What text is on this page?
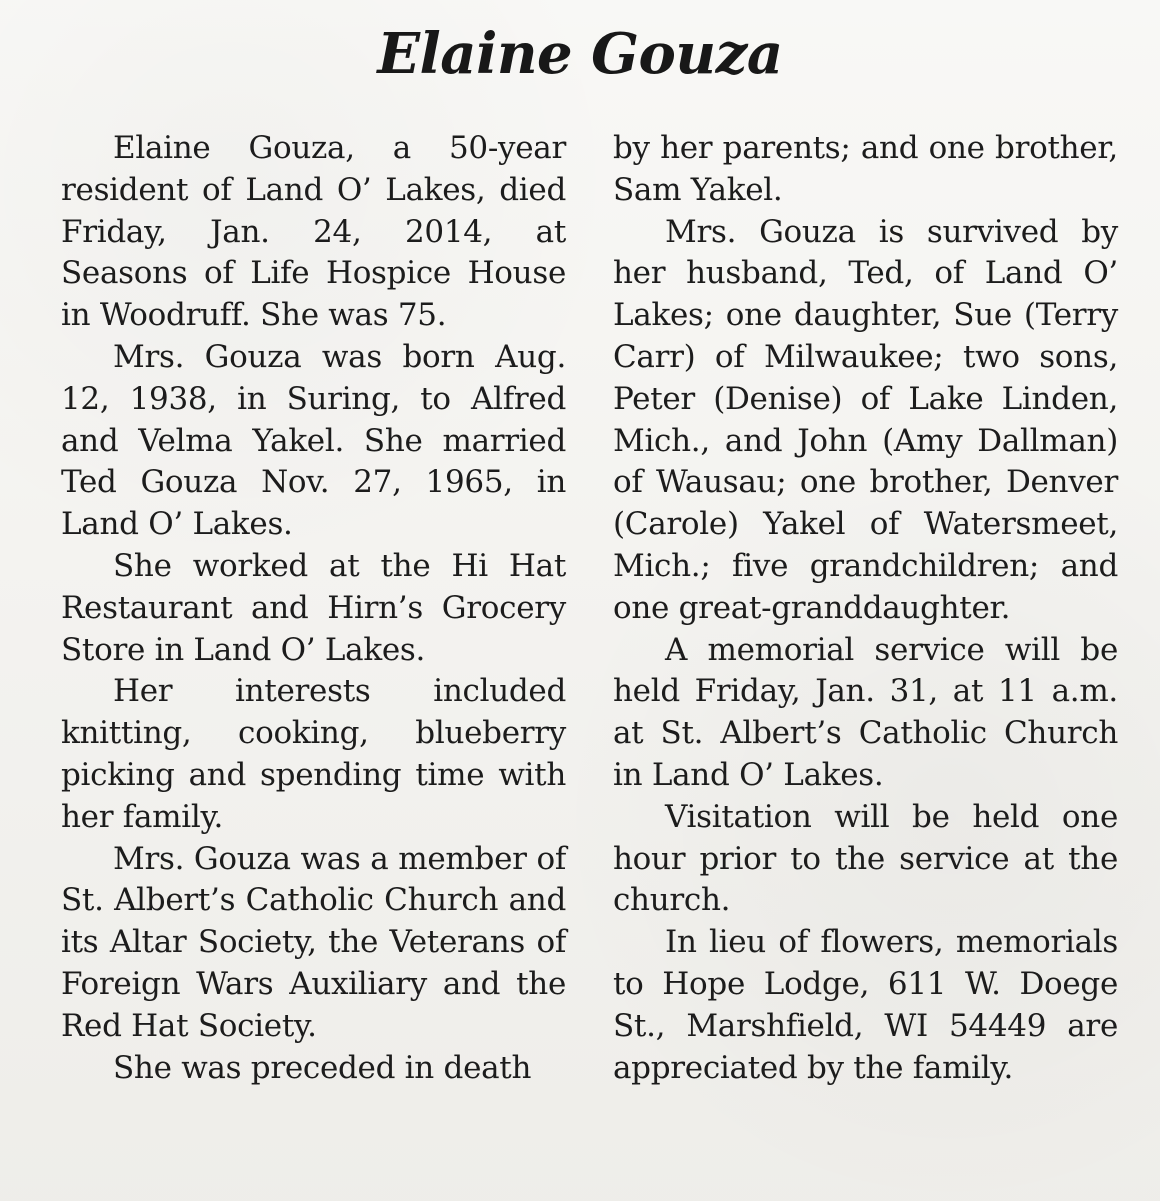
Elaine Gouza

Elaine Gouza, a 50-year resident of Land O’ Lakes, died Friday, Jan. 24, 2014, at Seasons of Life Hospice House in Woodruff. She was 75.

Mrs. Gouza was born Aug. 12, 1938, in Suring, to Alfred and Velma Yakel. She married Ted Gouza Nov. 27, 1965, in Land O’ Lakes.

She worked at the Hi Hat Restaurant and Hirn’s Grocery Store in Land O’ Lakes.

Her interests included knitting, cooking, blueberry picking and spending time with her family.

Mrs. Gouza was a member of St. Albert’s Catholic Church and its Altar Society, the Veterans of Foreign Wars Auxiliary and the Red Hat Society.

She was preceded in death

by her parents; and one brother, Sam Yakel.

Mrs. Gouza is survived by her husband, Ted, of Land O’ Lakes; one daughter, Sue (Terry Carr) of Milwaukee; two sons, Peter (Denise) of Lake Linden, Mich., and John (Amy Dallman) of Wausau; one brother, Denver (Carole) Yakel of Watersmeet, Mich.; five grandchildren; and one great-granddaughter.

A memorial service will be held Friday, Jan. 31, at 11 a.m. at St. Albert’s Catholic Church in Land O’ Lakes.

Visitation will be held one hour prior to the service at the church.

In lieu of flowers, memorials to Hope Lodge, 611 W. Doege St., Marshfield, WI 54449 are appreciated by the family.
